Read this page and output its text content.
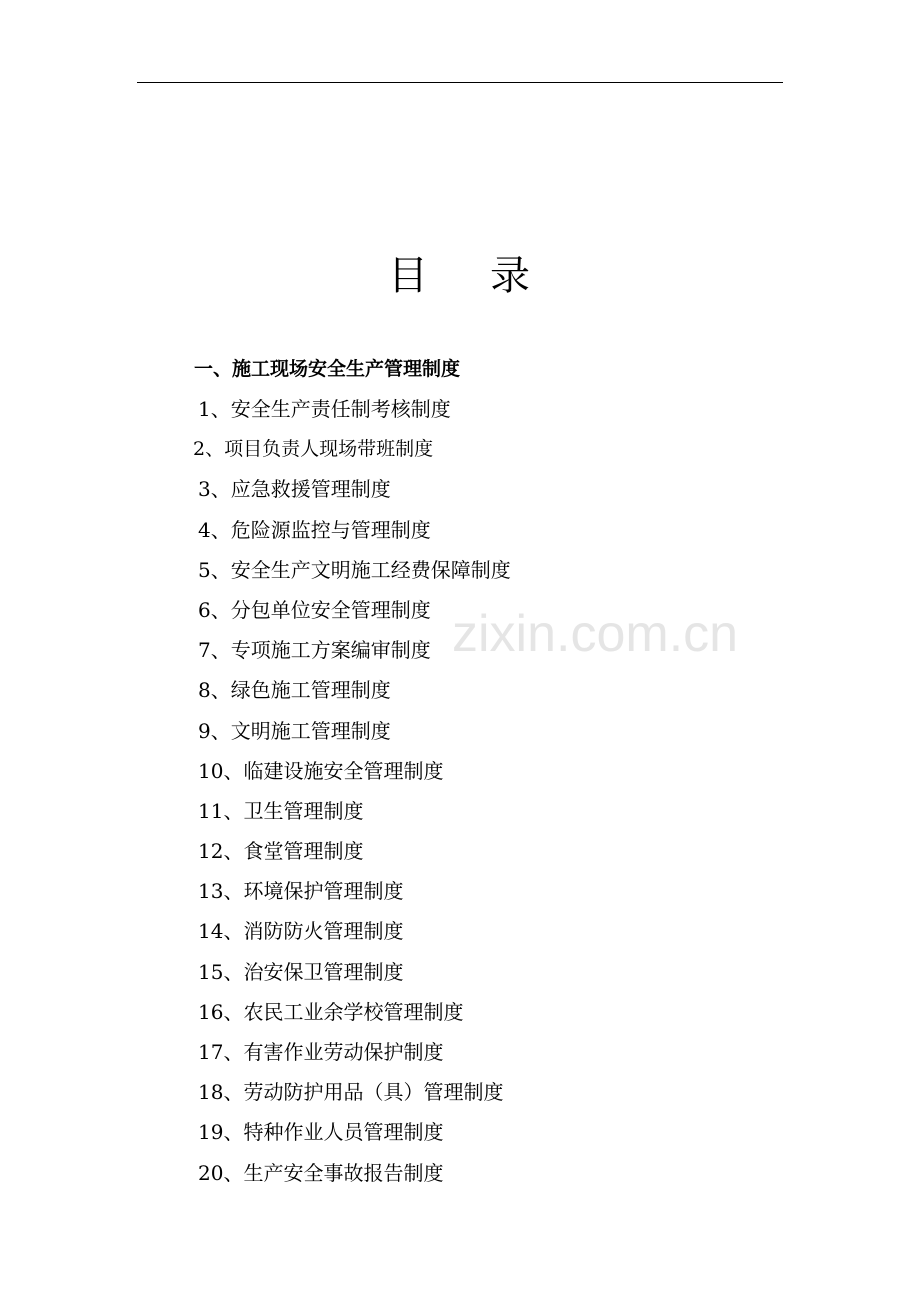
目 录
一、施工现场安全生产管理制度
1、安全生产责任制考核制度
2、项目负责人现场带班制度
3、应急救援管理制度
4、危险源监控与管理制度
5、安全生产文明施工经费保障制度
6、分包单位安全管理制度
7、专项施工方案编审制度
8、绿色施工管理制度
9、文明施工管理制度
10、临建设施安全管理制度
11、卫生管理制度
12、食堂管理制度
13、环境保护管理制度
14、消防防火管理制度
15、治安保卫管理制度
16、农民工业余学校管理制度
17、有害作业劳动保护制度
18、劳动防护用品（具）管理制度
19、特种作业人员管理制度
20、生产安全事故报告制度
zixin.com.cn
